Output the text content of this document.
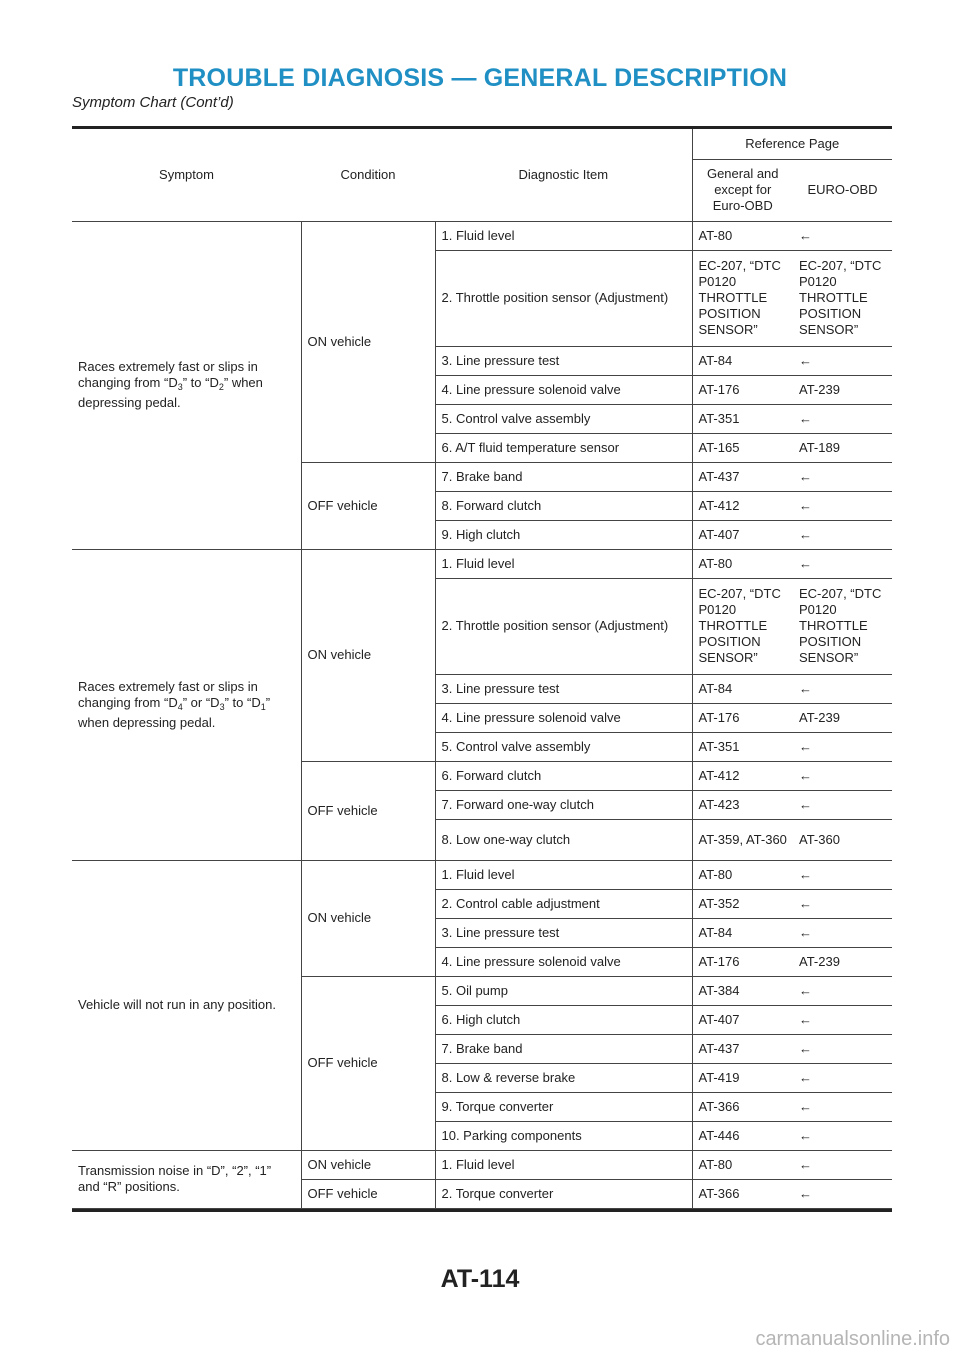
TROUBLE DIAGNOSIS — GENERAL DESCRIPTION
Symptom Chart (Cont’d)
Symptom	Condition	Diagnostic Item	Reference Page	
			General and except for Euro-OBD	EURO-OBD
Races extremely fast or slips in changing from “$D_3$” to “$D_2$” when depressing pedal.	ON vehicle	1. Fluid level	AT-80	←
		2. Throttle position sensor (Adjustment)	EC-207, “DTC P0120 THROTTLE POSITION SENSOR”	EC-207, “DTC P0120 THROTTLE POSITION SENSOR”
		3. Line pressure test	AT-84	←
		4. Line pressure solenoid valve	AT-176	AT-239
		5. Control valve assembly	AT-351	←
		6. A/T fluid temperature sensor	AT-165	AT-189
	OFF vehicle	7. Brake band	AT-437	←
		8. Forward clutch	AT-412	←
		9. High clutch	AT-407	←
Races extremely fast or slips in changing from “$D_4$” or “$D_3$” to “$D_1$” when depressing pedal.	ON vehicle	1. Fluid level	AT-80	←
		2. Throttle position sensor (Adjustment)	EC-207, “DTC P0120 THROTTLE POSITION SENSOR”	EC-207, “DTC P0120 THROTTLE POSITION SENSOR”
		3. Line pressure test	AT-84	←
		4. Line pressure solenoid valve	AT-176	AT-239
		5. Control valve assembly	AT-351	←
	OFF vehicle	6. Forward clutch	AT-412	←
		7. Forward one-way clutch	AT-423	←
		8. Low one-way clutch	AT-359, AT-360	AT-360
Vehicle will not run in any position.	ON vehicle	1. Fluid level	AT-80	←
		2. Control cable adjustment	AT-352	←
		3. Line pressure test	AT-84	←
		4. Line pressure solenoid valve	AT-176	AT-239
	OFF vehicle	5. Oil pump	AT-384	←
		6. High clutch	AT-407	←
		7. Brake band	AT-437	←
		8. Low & reverse brake	AT-419	←
		9. Torque converter	AT-366	←
		10. Parking components	AT-446	←
Transmission noise in “D”, “2”, “1” and “R” positions.	ON vehicle	1. Fluid level	AT-80	←
	OFF vehicle	2. Torque converter	AT-366	←
AT-114
carmanualsonline.info
